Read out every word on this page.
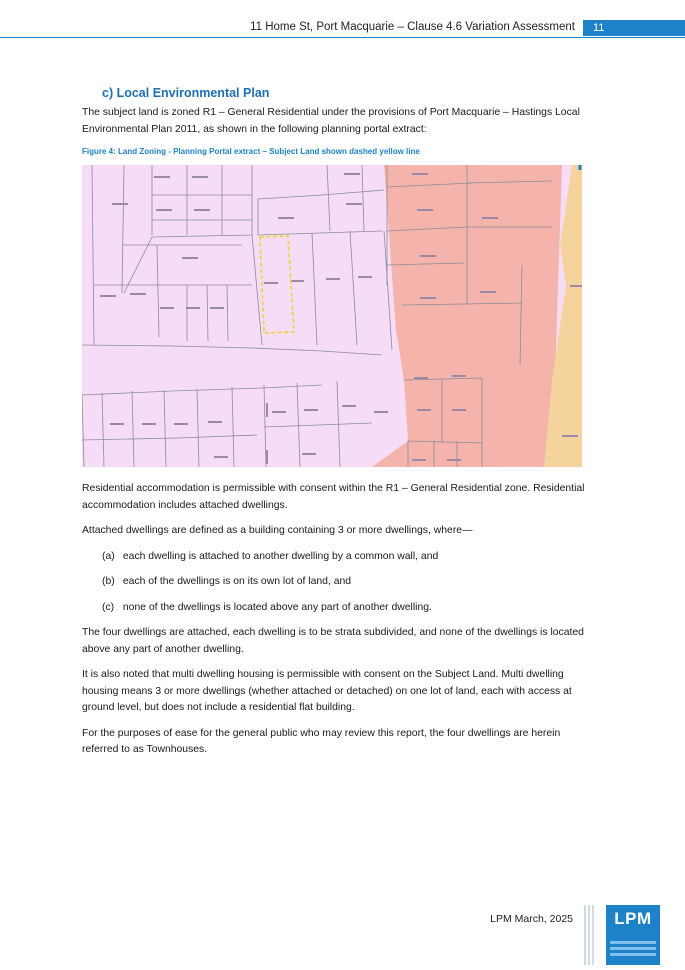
11 Home St, Port Macquarie – Clause 4.6 Variation Assessment	11
c) Local Environmental Plan

The subject land is zoned R1 – General Residential under the provisions of Port Macquarie – Hastings Local Environmental Plan 2011, as shown in the following planning portal extract:

Figure 4: Land Zoning - Planning Portal extract – Subject Land shown dashed yellow line

Residential accommodation is permissible with consent within the R1 – General Residential zone. Residential accommodation includes attached dwellings.

Attached dwellings are defined as a building containing 3 or more dwellings, where—

(a) each dwelling is attached to another dwelling by a common wall, and
(b) each of the dwellings is on its own lot of land, and
(c) none of the dwellings is located above any part of another dwelling.

The four dwellings are attached, each dwelling is to be strata subdivided, and none of the dwellings is located above any part of another dwelling.

It is also noted that multi dwelling housing is permissible with consent on the Subject Land. Multi dwelling housing means 3 or more dwellings (whether attached or detached) on one lot of land, each with access at ground level, but does not include a residential flat building.

For the purposes of ease for the general public who may review this report, the four dwellings are herein referred to as Townhouses.

LPM March, 2025	LPM
